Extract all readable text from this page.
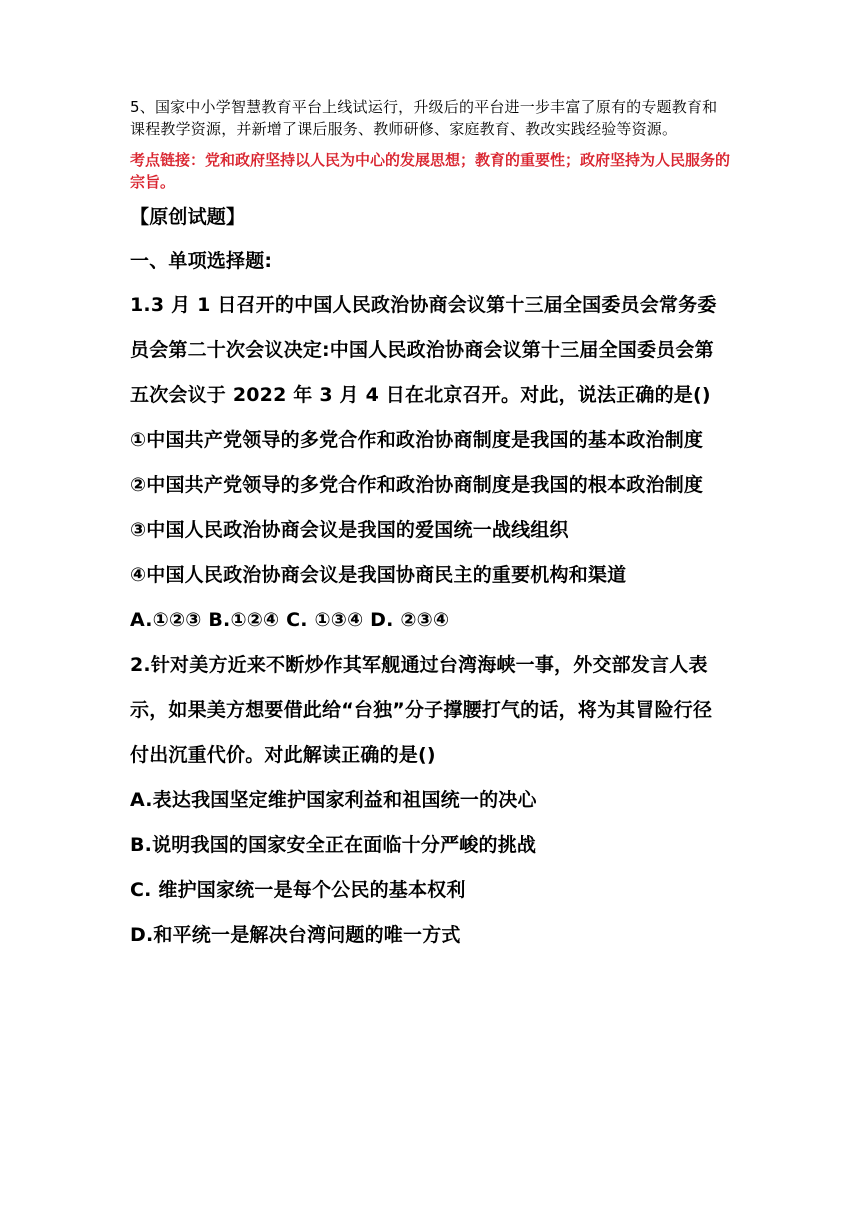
5、国家中小学智慧教育平台上线试运行，升级后的平台进一步丰富了原有的专题教育和课程教学资源，并新增了课后服务、教师研修、家庭教育、教改实践经验等资源。

考点链接：党和政府坚持以人民为中心的发展思想；教育的重要性；政府坚持为人民服务的宗旨。

【原创试题】

一、单项选择题:

1.3 月 1 日召开的中国人民政治协商会议第十三届全国委员会常务委员会第二十次会议决定:中国人民政治协商会议第十三届全国委员会第五次会议于 2022 年 3 月 4 日在北京召开。对此，说法正确的是()

①中国共产党领导的多党合作和政治协商制度是我国的基本政治制度

②中国共产党领导的多党合作和政治协商制度是我国的根本政治制度

③中国人民政治协商会议是我国的爱国统一战线组织

④中国人民政治协商会议是我国协商民主的重要机构和渠道

A.①②③ B.①②④ C. ①③④ D. ②③④

2.针对美方近来不断炒作其军舰通过台湾海峡一事，外交部发言人表示，如果美方想要借此给“台独”分子撑腰打气的话，将为其冒险行径付出沉重代价。对此解读正确的是()

A.表达我国坚定维护国家利益和祖国统一的决心

B.说明我国的国家安全正在面临十分严峻的挑战

C. 维护国家统一是每个公民的基本权利

D.和平统一是解决台湾问题的唯一方式
